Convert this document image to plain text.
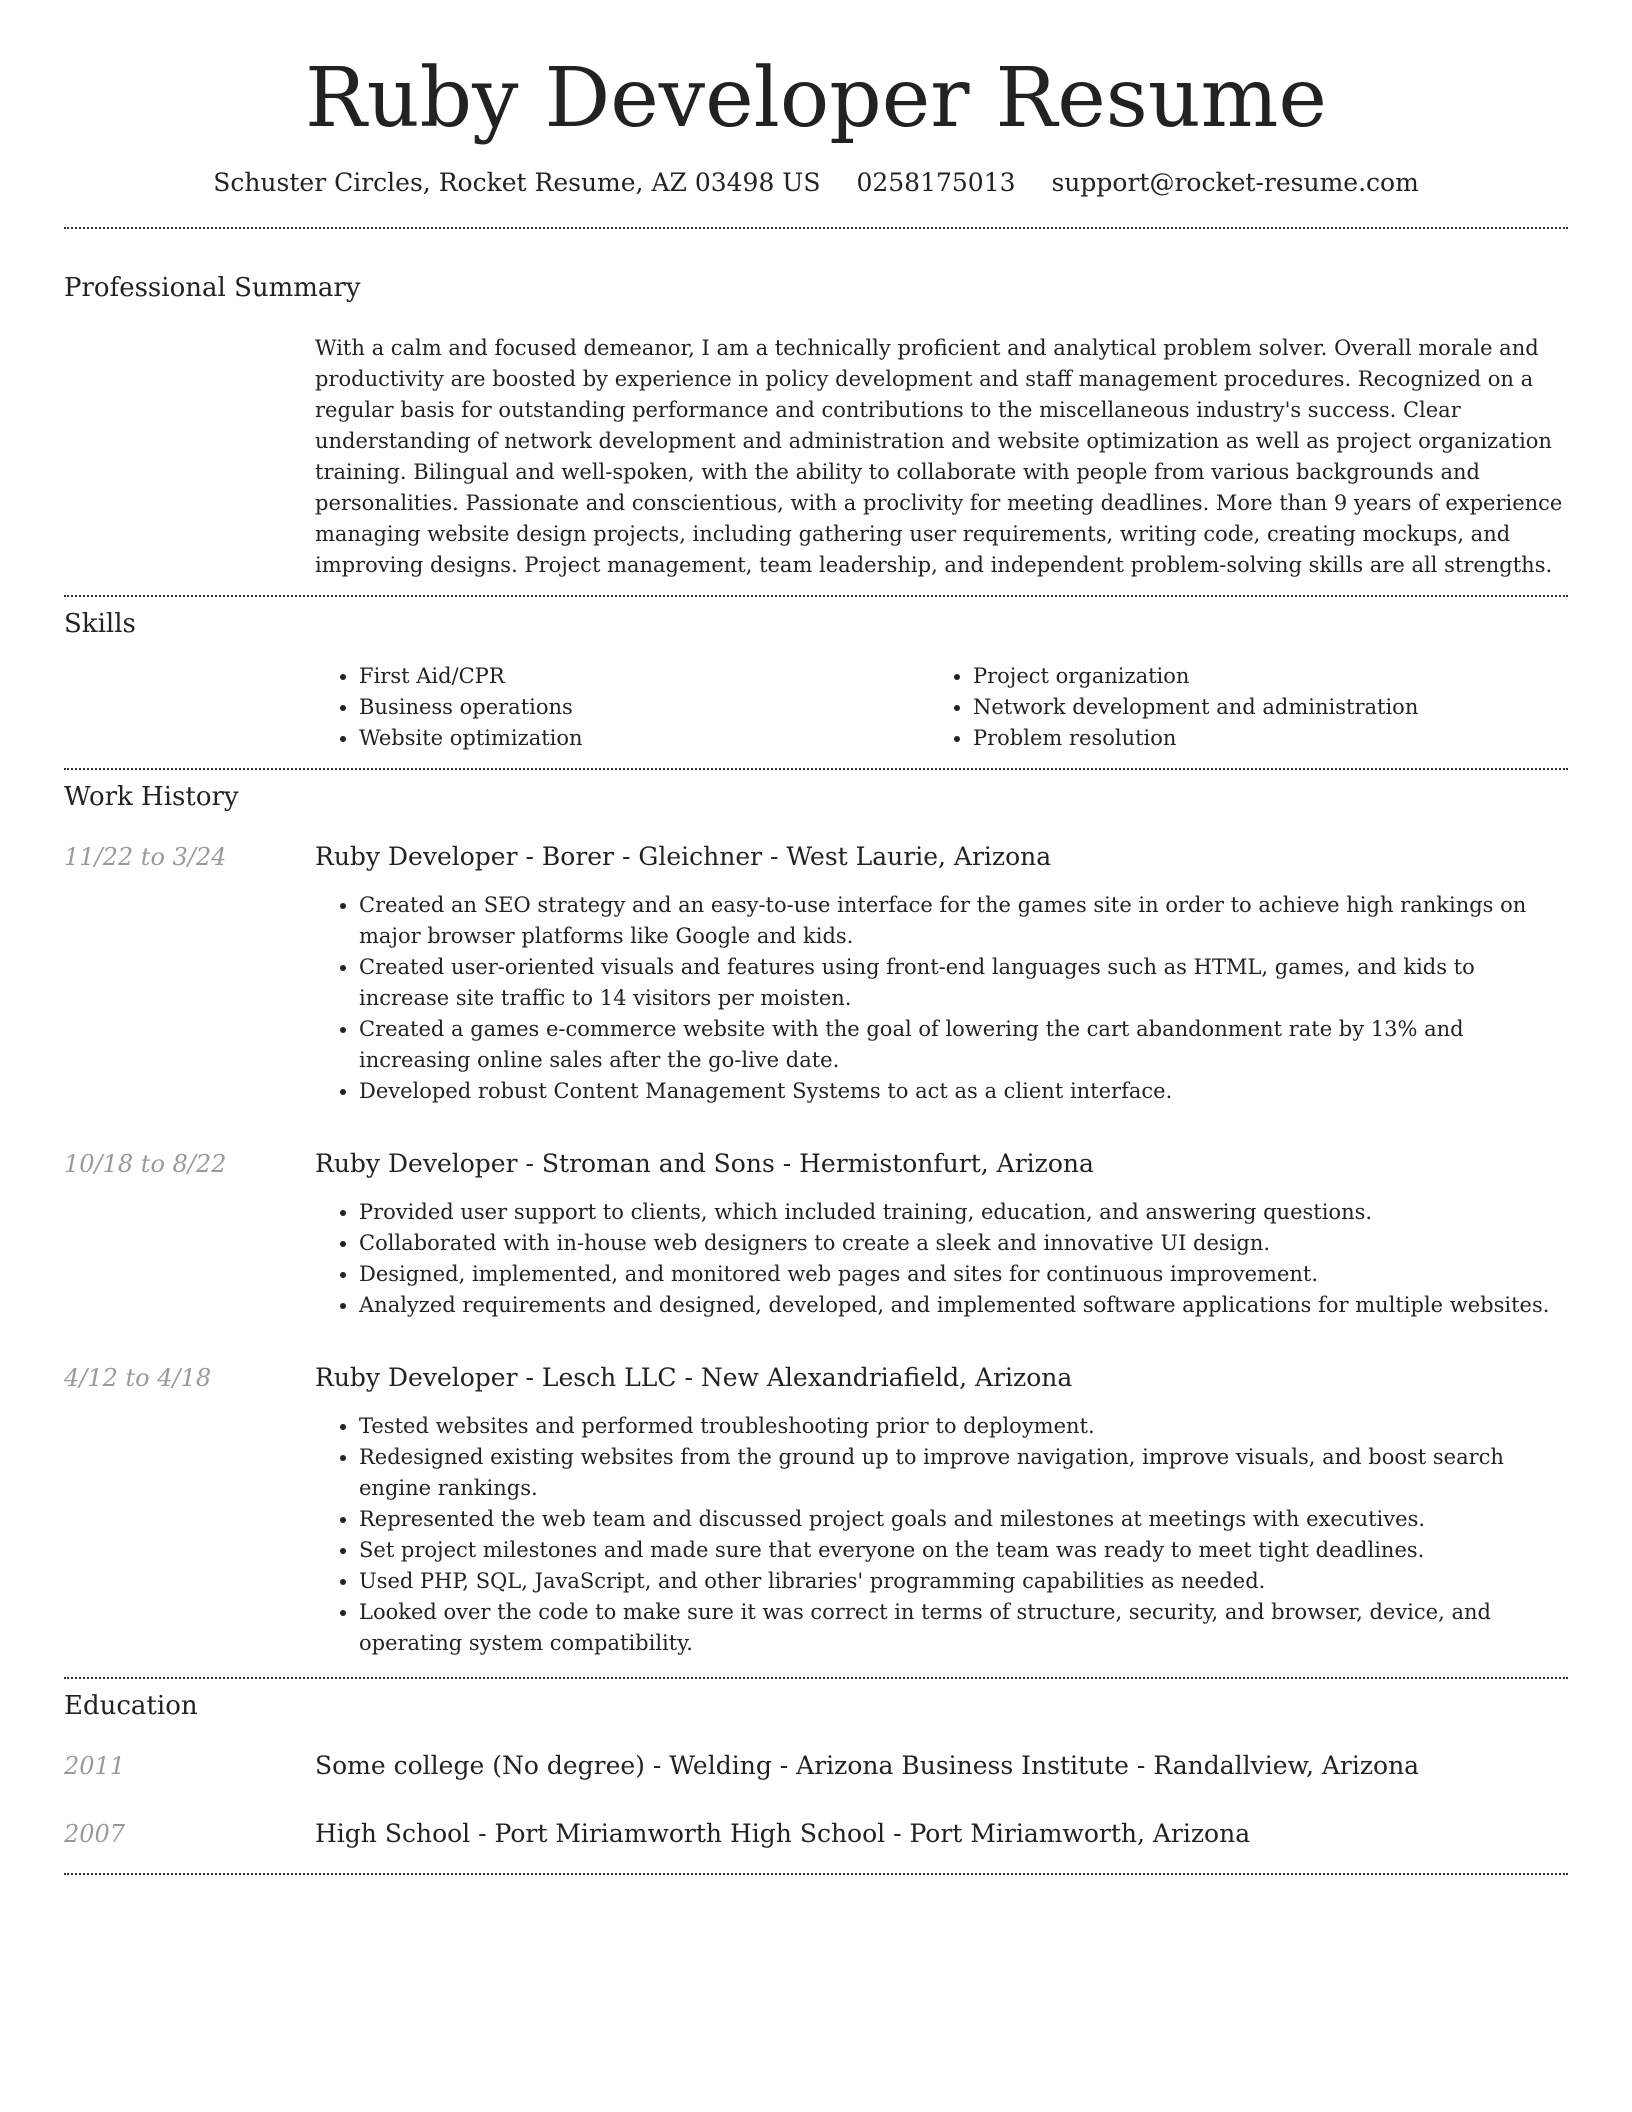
Ruby Developer Resume
Schuster Circles, Rocket Resume, AZ 03498 US 0258175013 support@rocket-resume.com
Professional Summary

With a calm and focused demeanor, I am a technically proficient and analytical problem solver. Overall morale and productivity are boosted by experience in policy development and staff management procedures. Recognized on a regular basis for outstanding performance and contributions to the miscellaneous industry's success. Clear understanding of network development and administration and website optimization as well as project organization training. Bilingual and well-spoken, with the ability to collaborate with people from various backgrounds and personalities. Passionate and conscientious, with a proclivity for meeting deadlines. More than 9 years of experience managing website design projects, including gathering user requirements, writing code, creating mockups, and improving designs. Project management, team leadership, and independent problem-solving skills are all strengths.

Skills
• First Aid/CPR
• Business operations
• Website optimization
• Project organization
• Network development and administration
• Problem resolution
Work History
11/22 to 3/24	Ruby Developer - Borer - Gleichner - West Laurie, Arizona
• Created an SEO strategy and an easy-to-use interface for the games site in order to achieve high rankings on major browser platforms like Google and kids.
• Created user-oriented visuals and features using front-end languages such as HTML, games, and kids to increase site traffic to 14 visitors per moisten.
• Created a games e-commerce website with the goal of lowering the cart abandonment rate by 13% and increasing online sales after the go-live date.
• Developed robust Content Management Systems to act as a client interface.
10/18 to 8/22	Ruby Developer - Stroman and Sons - Hermistonfurt, Arizona
• Provided user support to clients, which included training, education, and answering questions.
• Collaborated with in-house web designers to create a sleek and innovative UI design.
• Designed, implemented, and monitored web pages and sites for continuous improvement.
• Analyzed requirements and designed, developed, and implemented software applications for multiple websites.
4/12 to 4/18	Ruby Developer - Lesch LLC - New Alexandriafield, Arizona
• Tested websites and performed troubleshooting prior to deployment.
• Redesigned existing websites from the ground up to improve navigation, improve visuals, and boost search engine rankings.
• Represented the web team and discussed project goals and milestones at meetings with executives.
• Set project milestones and made sure that everyone on the team was ready to meet tight deadlines.
• Used PHP, SQL, JavaScript, and other libraries' programming capabilities as needed.
• Looked over the code to make sure it was correct in terms of structure, security, and browser, device, and operating system compatibility.
Education
2011	Some college (No degree) - Welding - Arizona Business Institute - Randallview, Arizona
2007	High School - Port Miriamworth High School - Port Miriamworth, Arizona
